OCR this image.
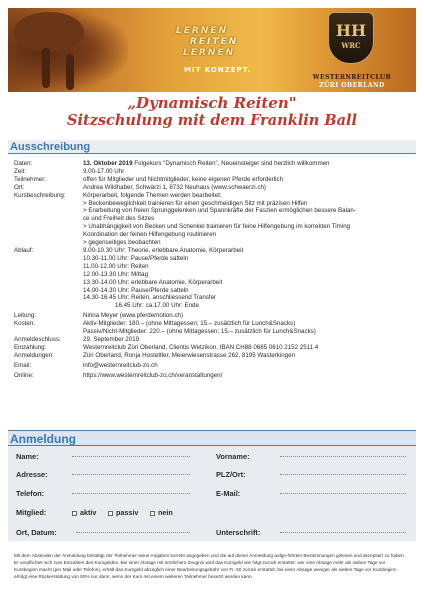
LERNEN
REITEN
LERNEN
MIT KONZEPT.
HH
WRC
WESTERNREITCLUB
ZÜRI OBERLAND
„Dynamisch Reiten"
Sitzschulung mit dem Franklin Ball
Ausschreibung
Daten:	13. Oktober 2019 Folgekurs "Dynamisch Reiten", Neueinsteiger sind herzlich willkommen
Zeit:	9.00-17.00 Uhr
Teilnehmer:	offen für Mitglieder und Nichtmitglieder, keine eigenen Pferde erforderlich
Ort:	Andrea Wildhaber, Schwärzi 1, 8732 Neuhaus (www.schwaerzi.ch)
Kursbeschreibung:	Körperarbeit, folgende Themen werden bearbeitet:
> Beckenbeweglichkeit trainieren für einen geschmeidigen Sitz mit präzisen Hilfen
> Erarbeitung von freien Sprunggelenken und Spannkräfte der Faszien ermöglichen bessere Balan-
ce und Freiheit des Sitzes
> Unabhängigkeit von Becken und Schenkel trainieren für feine Hilfengebung im korrekten Timing
Koordination der feinen Hilfengebung routinieren
> gegenseitiges beobachten
Ablauf:	9.00-10.30 Uhr: Theorie, erlebbare Anatomie, Körperarbeit
10.30-11.00 Uhr: Pause/Pferde satteln
11.00-12.00 Uhr: Reiten
12.00-13.30 Uhr: Mittag
13.30-14.00 Uhr: erlebbare Anatomie, Körperarbeit
14.00-14.30 Uhr: Pause/Pferde satteln
14.30-16.45 Uhr: Reiten, anschliessend Transfer
16.45 Uhr: ca.17.00 Uhr: Ende
Leitung:	Nirina Meyer (www.pferdemotion.ch)
Kosten:	Aktiv-Mitglieder: 180.– (ohne Mittagessen; 15.– zusätzlich für Lunch&Snacks)
Passiv/Nicht-Mitglieder: 220.– (ohne Mittagessen; 15.– zusätzlich für Lunch&Snacks)
Anmeldeschluss:	29. September 2019
Einzahlung:	Westernreitclub Züri Oberland, Clientis Wetzikon, IBAN CH88 0685 0610 2152 2511 4
Anmeldungen:	Züri Oberland, Ronja Hostettler, Meierwiesenstrasse 262, 8195 Wasterkingen
Email:	info@westernreitclub-zo.ch
Online:	https://www.westernreitclub-zo.ch/veranstaltungen/
Anmeldung
Name:	Vorname:
Adresse:	PLZ/Ort:
Telefon:	E-Mail:
Mitglied:	aktiv	passiv	nein
Ort, Datum:	Unterschrift:
Mit dem Absenden der Anmeldung bestätigt der Teilnehmer seine Angaben korrekt angegeben und die auf dieser Anmeldung aufge-führten Bestimmungen gelesen und akzeptiert zu haben. Er verpflichtet sich zum Einzahlen des Kursgeldes. Bei einer Absage mit ärztlichem Zeugnis wird das Kursgeld wie folgt zurück erstattet: wer eine Absage mehr als sieben Tage vor Kursbeginn macht (per Mail oder Telefon), erhält das Kursgeld abzüglich einer Bearbeitungsgebühr von Fr. 50 zurück erstattet; bei einer Absage weniger als sieben Tage vor Kursbeginn erfolgt eine Rückerstattung von 50% nur dann, wenn der Kurs mit einem weiteren Teilnehmer besetzt werden kann.
